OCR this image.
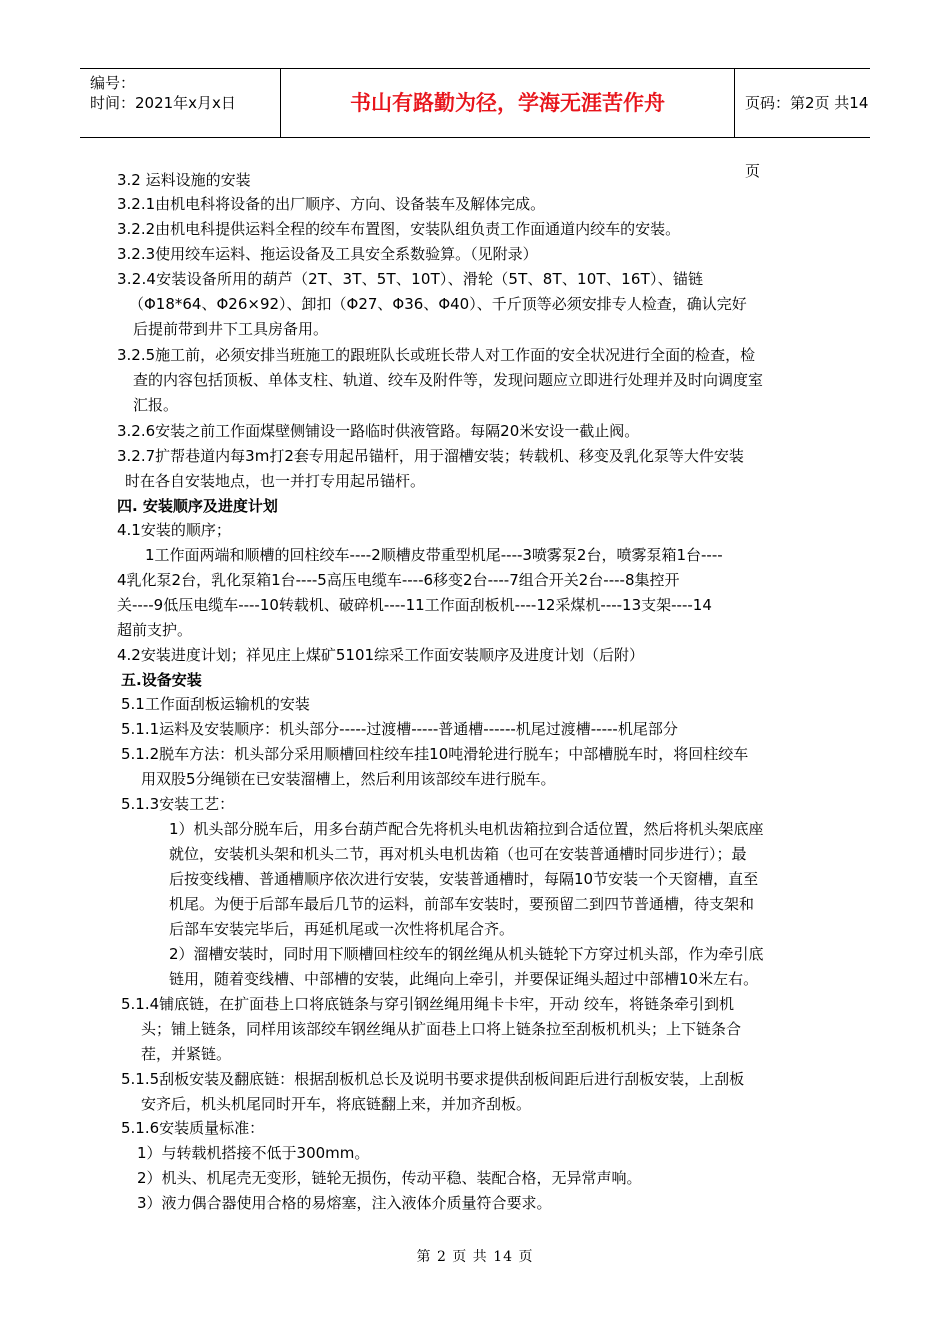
编号：
时间：2021年x月x日	书山有路勤为径，学海无涯苦作舟	页码：第2页 共14页
3.2 运料设施的安装
3.2.1由机电科将设备的出厂顺序、方向、设备装车及解体完成。
3.2.2由机电科提供运料全程的绞车布置图，安装队组负责工作面通道内绞车的安装。
3.2.3使用绞车运料、拖运设备及工具安全系数验算。（见附录）
3.2.4安装设备所用的葫芦（2T、3T、5T、10T）、滑轮（5T、8T、10T、16T）、锚链
（Φ18*64、Φ26×92）、卸扣（Φ27、Φ36、Φ40）、千斤顶等必须安排专人检查，确认完好
后提前带到井下工具房备用。
3.2.5施工前，必须安排当班施工的跟班队长或班长带人对工作面的安全状况进行全面的检查，检
查的内容包括顶板、单体支柱、轨道、绞车及附件等，发现问题应立即进行处理并及时向调度室
汇报。
3.2.6安装之前工作面煤壁侧铺设一路临时供液管路。每隔20米安设一截止阀。
3.2.7扩帮巷道内每3m打2套专用起吊锚杆，用于溜槽安装；转载机、移变及乳化泵等大件安装
时在各自安装地点，也一并打专用起吊锚杆。
四. 安装顺序及进度计划
4.1安装的顺序；
1工作面两端和顺槽的回柱绞车----2顺槽皮带重型机尾----3喷雾泵2台，喷雾泵箱1台----
4乳化泵2台，乳化泵箱1台----5高压电缆车----6移变2台----7组合开关2台----8集控开
关----9低压电缆车----10转载机、破碎机----11工作面刮板机----12采煤机----13支架----14
超前支护。
4.2安装进度计划；祥见庄上煤矿5101综采工作面安装顺序及进度计划（后附）
五.设备安装
5.1工作面刮板运输机的安装
5.1.1运料及安装顺序：机头部分-----过渡槽-----普通槽------机尾过渡槽-----机尾部分
5.1.2脱车方法：机头部分采用顺槽回柱绞车挂10吨滑轮进行脱车；中部槽脱车时，将回柱绞车
用双股5分绳锁在已安装溜槽上，然后利用该部绞车进行脱车。
5.1.3安装工艺：
1）机头部分脱车后，用多台葫芦配合先将机头电机齿箱拉到合适位置，然后将机头架底座
就位，安装机头架和机头二节，再对机头电机齿箱（也可在安装普通槽时同步进行）；最
后按变线槽、普通槽顺序依次进行安装，安装普通槽时，每隔10节安装一个天窗槽，直至
机尾。为便于后部车最后几节的运料，前部车安装时，要预留二到四节普通槽，待支架和
后部车安装完毕后，再延机尾或一次性将机尾合齐。
2）溜槽安装时，同时用下顺槽回柱绞车的钢丝绳从机头链轮下方穿过机头部，作为牵引底
链用，随着变线槽、中部槽的安装，此绳向上牵引，并要保证绳头超过中部槽10米左右。
5.1.4铺底链，在扩面巷上口将底链条与穿引钢丝绳用绳卡卡牢，开动 绞车，将链条牵引到机
头；铺上链条，同样用该部绞车钢丝绳从扩面巷上口将上链条拉至刮板机机头；上下链条合
茬，并紧链。
5.1.5刮板安装及翻底链：根据刮板机总长及说明书要求提供刮板间距后进行刮板安装，上刮板
安齐后，机头机尾同时开车，将底链翻上来，并加齐刮板。
5.1.6安装质量标准：
1）与转载机搭接不低于300mm。
2）机头、机尾壳无变形，链轮无损伤，传动平稳、装配合格，无异常声响。
3）液力偶合器使用合格的易熔塞，注入液体介质量符合要求。
第 2 页 共 14 页
